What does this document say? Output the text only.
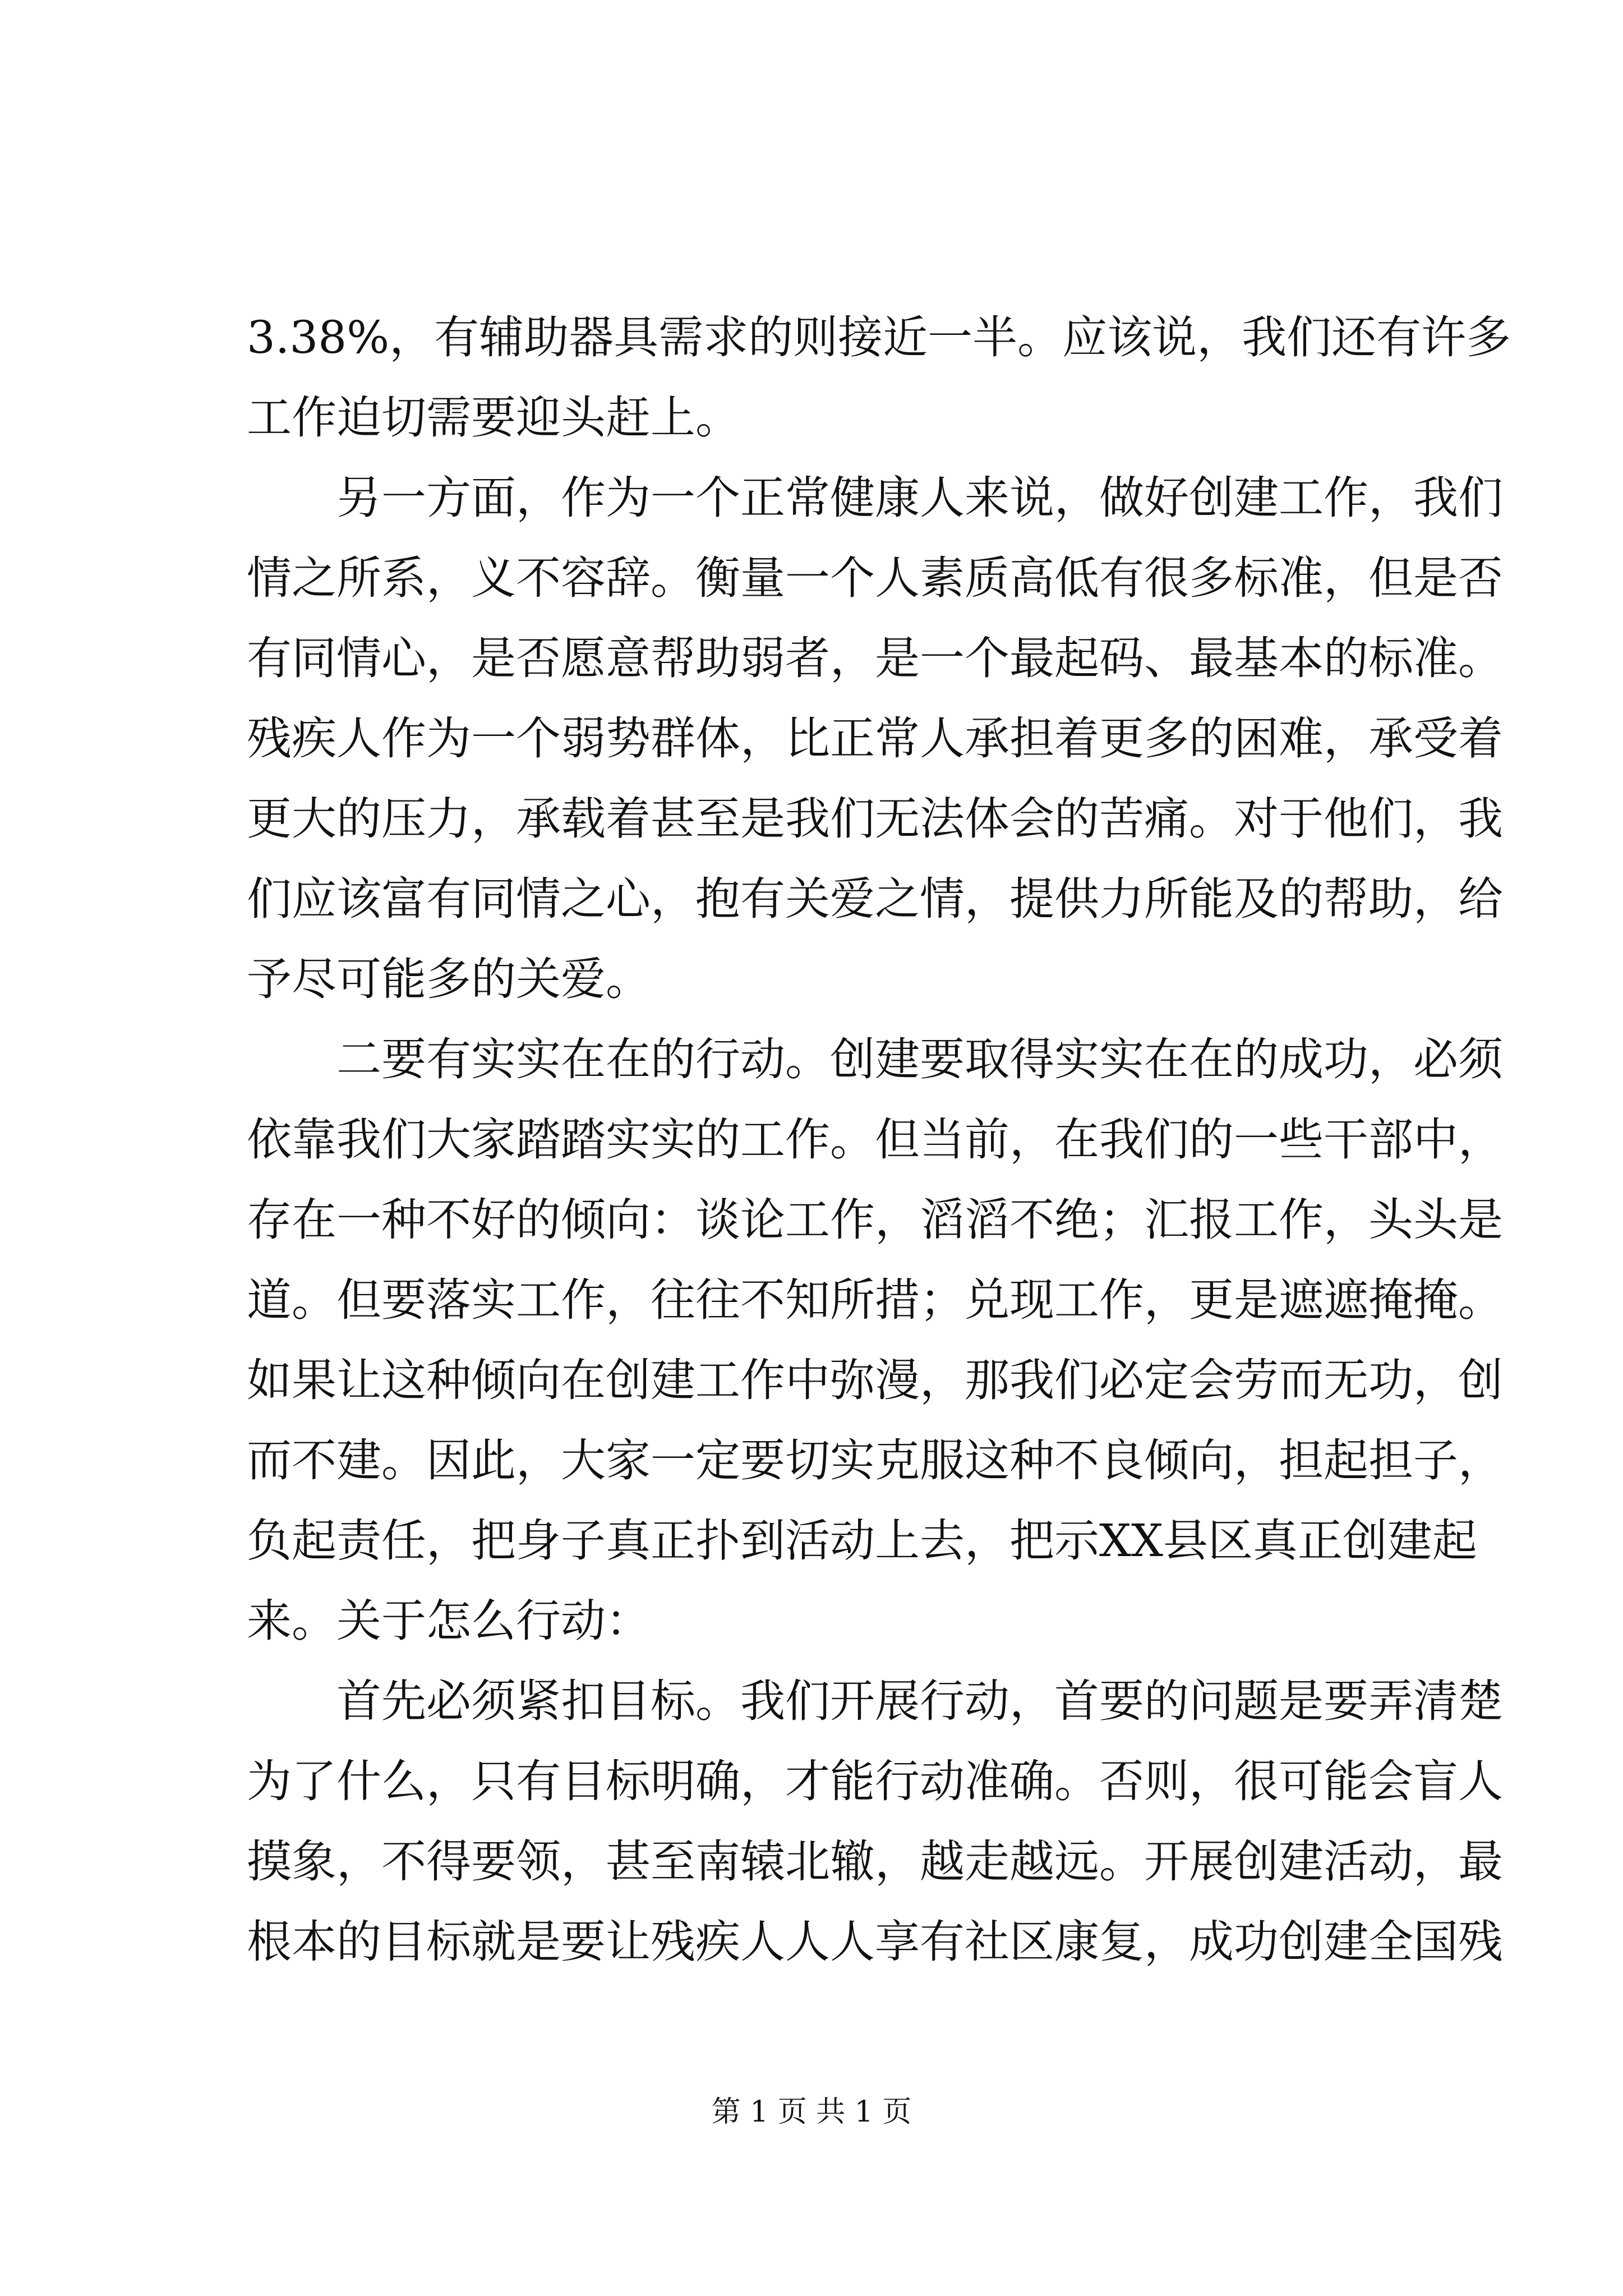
3.38%，有辅助器具需求的则接近一半。应该说，我们还有许多
工作迫切需要迎头赶上。
　　另一方面，作为一个正常健康人来说，做好创建工作，我们
情之所系，义不容辞。衡量一个人素质高低有很多标准，但是否
有同情心，是否愿意帮助弱者，是一个最起码、最基本的标准。
残疾人作为一个弱势群体，比正常人承担着更多的困难，承受着
更大的压力，承载着甚至是我们无法体会的苦痛。对于他们，我
们应该富有同情之心，抱有关爱之情，提供力所能及的帮助，给
予尽可能多的关爱。
　　二要有实实在在的行动。创建要取得实实在在的成功，必须
依靠我们大家踏踏实实的工作。但当前，在我们的一些干部中，
存在一种不好的倾向：谈论工作，滔滔不绝；汇报工作，头头是
道。但要落实工作，往往不知所措；兑现工作，更是遮遮掩掩。
如果让这种倾向在创建工作中弥漫，那我们必定会劳而无功，创
而不建。因此，大家一定要切实克服这种不良倾向，担起担子，
负起责任，把身子真正扑到活动上去，把示XX县区真正创建起
来。关于怎么行动：
　　首先必须紧扣目标。我们开展行动，首要的问题是要弄清楚
为了什么，只有目标明确，才能行动准确。否则，很可能会盲人
摸象，不得要领，甚至南辕北辙，越走越远。开展创建活动，最
根本的目标就是要让残疾人人人享有社区康复，成功创建全国残
第 1 页 共 1 页
